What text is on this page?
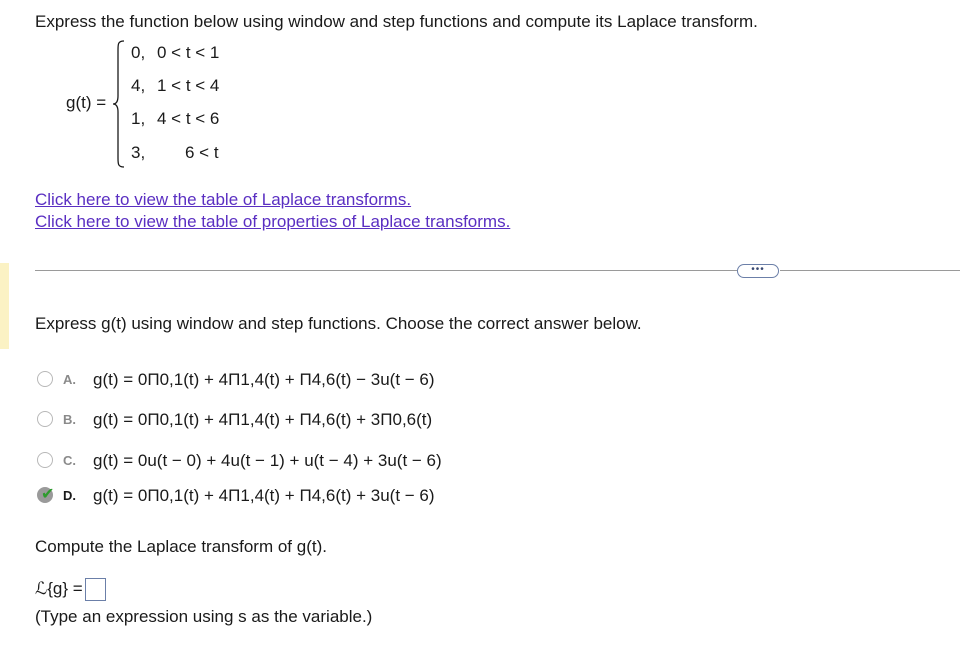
Express the function below using window and step functions and compute its Laplace transform.
g(t) =
0, 0 < t < 1
4, 1 < t < 4
1, 4 < t < 6
3, 6 < t
Click here to view the table of Laplace transforms.
Click here to view the table of properties of Laplace transforms.
•••
Express g(t) using window and step functions. Choose the correct answer below.
A. g(t) = 0Π0,1(t) + 4Π1,4(t) + Π4,6(t) − 3u(t − 6)
B. g(t) = 0Π0,1(t) + 4Π1,4(t) + Π4,6(t) + 3Π0,6(t)
C. g(t) = 0u(t − 0) + 4u(t − 1) + u(t − 4) + 3u(t − 6)
✔ D. g(t) = 0Π0,1(t) + 4Π1,4(t) + Π4,6(t) + 3u(t − 6)
Compute the Laplace transform of g(t).
ℒ{g} =
(Type an expression using s as the variable.)
